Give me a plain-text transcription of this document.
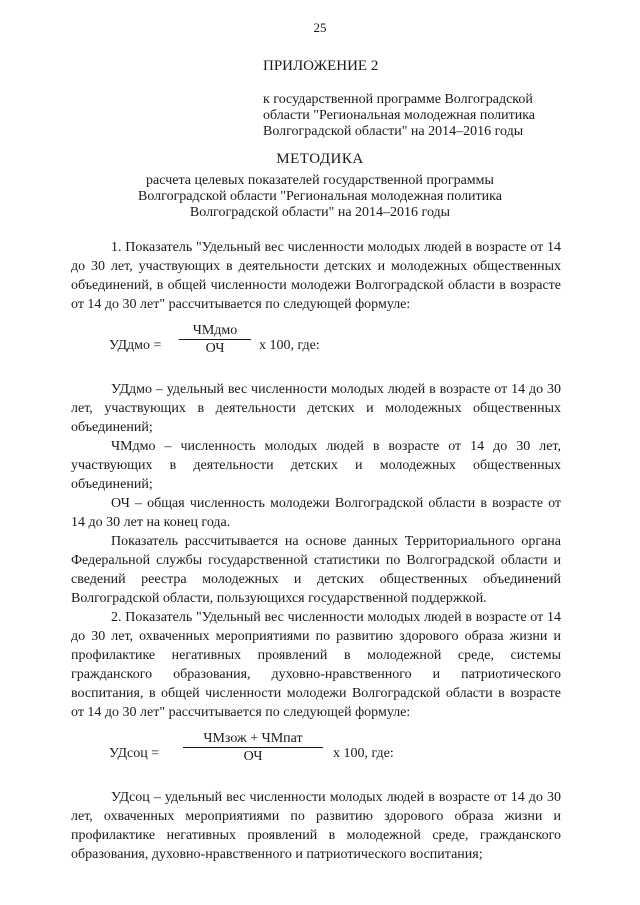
25
ПРИЛОЖЕНИЕ 2
к государственной программе Волгоградской
области "Региональная молодежная политика
Волгоградской области" на 2014–2016 годы
МЕТОДИКА
расчета целевых показателей государственной программы
Волгоградской области "Региональная молодежная политика
Волгоградской области" на 2014–2016 годы

1. Показатель "Удельный вес численности молодых людей в возрасте от 14 до 30 лет, участвующих в деятельности детских и молодежных общественных объединений, в общей численности молодежи Волгоградской области в возрасте от 14 до 30 лет" рассчитывается по следующей формуле:

УДдмо =
ЧМдмо
ОЧ	x 100, где:

УДдмо – удельный вес численности молодых людей в возрасте от 14 до 30 лет, участвующих в деятельности детских и молодежных общественных объединений;

ЧМдмо – численность молодых людей в возрасте от 14 до 30 лет, участвующих в деятельности детских и молодежных общественных объединений;

ОЧ – общая численность молодежи Волгоградской области в возрасте от 14 до 30 лет на конец года.

Показатель рассчитывается на основе данных Территориального органа Федеральной службы государственной статистики по Волгоградской области и сведений реестра молодежных и детских общественных объединений Волгоградской области, пользующихся государственной поддержкой.

2. Показатель "Удельный вес численности молодых людей в возрасте от 14 до 30 лет, охваченных мероприятиями по развитию здорового образа жизни и профилактике негативных проявлений в молодежной среде, системы гражданского образования, духовно-нравственного и патриотического воспитания, в общей численности молодежи Волгоградской области в возрасте от 14 до 30 лет" рассчитывается по следующей формуле:

УДсоц =
ЧМзож + ЧМпат
ОЧ	x 100, где:

УДсоц – удельный вес численности молодых людей в возрасте от 14 до 30 лет, охваченных мероприятиями по развитию здорового образа жизни и профилактике негативных проявлений в молодежной среде, гражданского образования, духовно-нравственного и патриотического воспитания;
